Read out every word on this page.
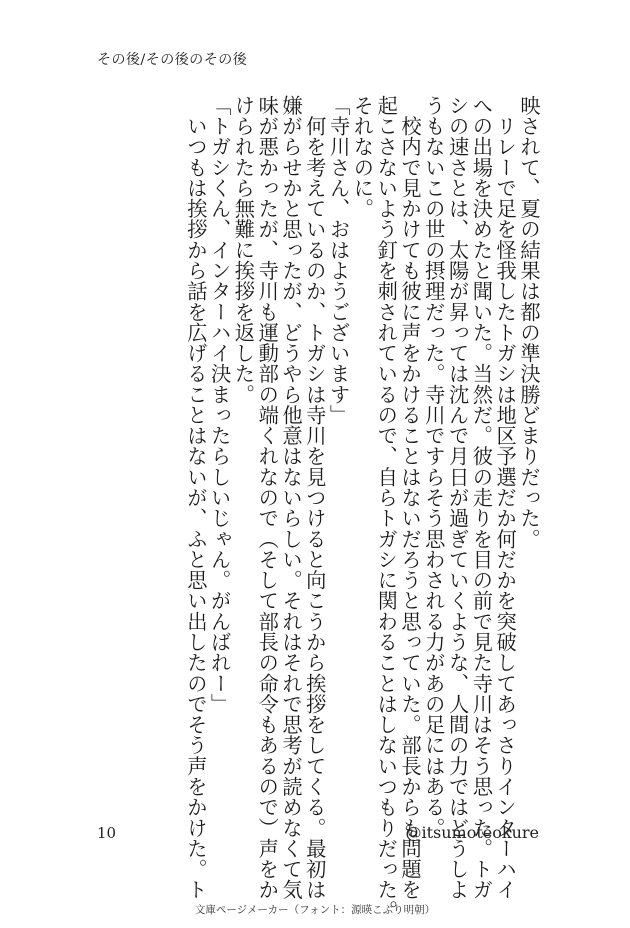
その後/その後のその後
映されて、夏の結果は都の準決勝どまりだった。
　リレーで足を怪我したトガシは地区予選だか何だかを突破してあっさりインターハイ
への出場を決めたと聞いた。当然だ。彼の走りを目の前で見た寺川はそう思った。トガ
シの速さとは、太陽が昇っては沈んで月日が過ぎていくような、人間の力ではどうしよ
うもないこの世の摂理だった。寺川ですらそう思わされる力があの足にはある。
　校内で見かけても彼に声をかけることはないだろうと思っていた。部長からも問題を
起こさないよう釘を刺されているので、自らトガシに関わることはしないつもりだった。
それなのに。
「寺川さん、おはようございます」
　何を考えているのか、トガシは寺川を見つけると向こうから挨拶をしてくる。最初は
嫌がらせかと思ったが、どうやら他意はないらしい。それはそれで思考が読めなくて気
味が悪かったが、寺川も運動部の端くれなので（そして部長の命令もあるので）声をか
けられたら無難に挨拶を返した。
「トガシくん、インターハイ決まったらしいじゃん。がんばれー」
　いつもは挨拶から話を広げることはないが、ふと思い出したのでそう声をかけた。ト
10	@itsumoteokure
文庫ページメーカー（フォント：源暎こぶり明朝）
